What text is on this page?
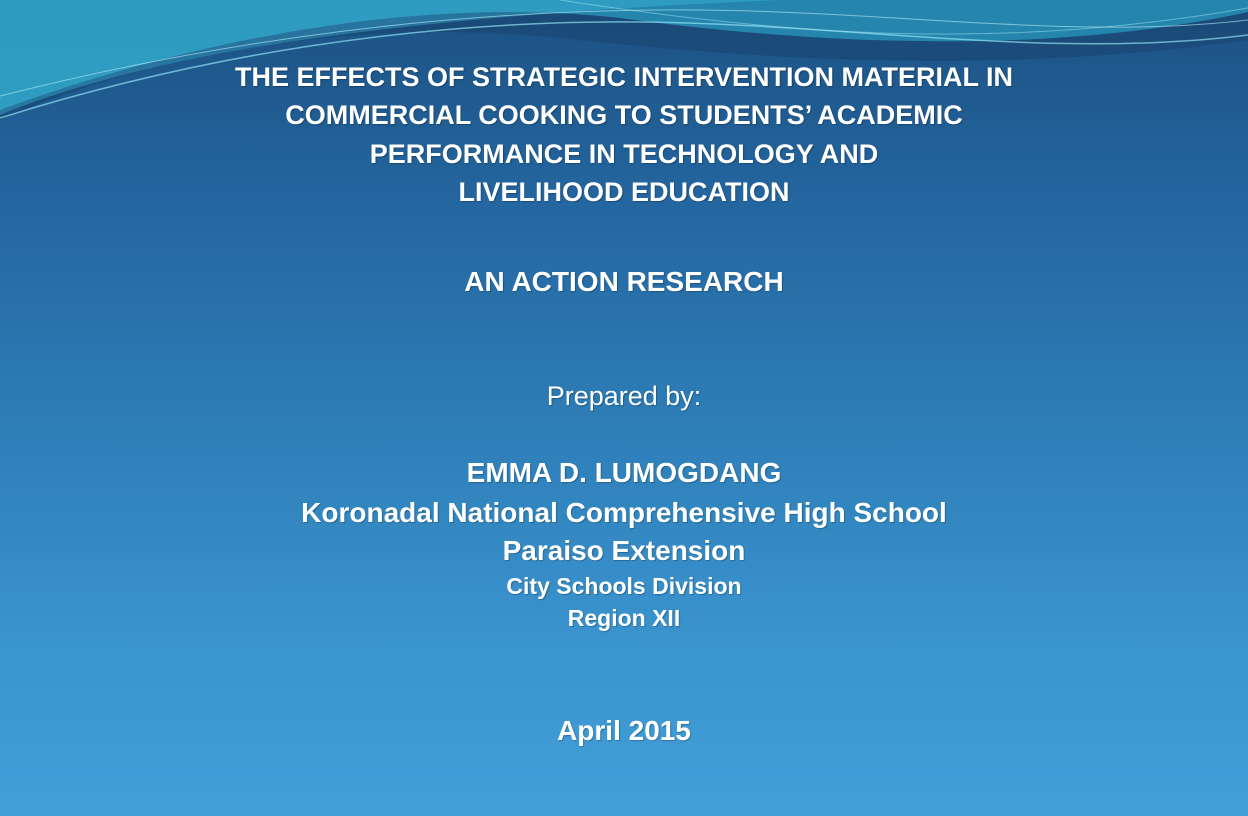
THE EFFECTS OF STRATEGIC INTERVENTION MATERIAL IN
COMMERCIAL COOKING TO STUDENTS’ ACADEMIC
PERFORMANCE IN TECHNOLOGY AND
LIVELIHOOD EDUCATION
AN ACTION RESEARCH
Prepared by:
EMMA D. LUMOGDANG
Koronadal National Comprehensive High School
Paraiso Extension
City Schools Division
Region XII
April 2015
